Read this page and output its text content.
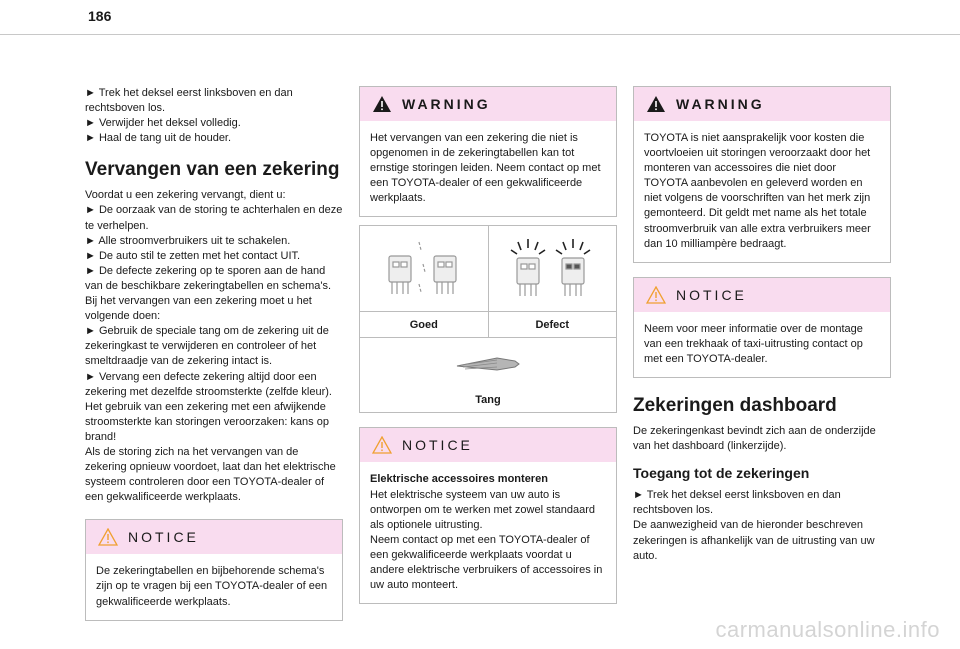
186
► Trek het deksel eerst linksboven en dan rechtsboven los.
► Verwijder het deksel volledig.
► Haal de tang uit de houder.
Vervangen van een zekering
Voordat u een zekering vervangt, dient u:
► De oorzaak van de storing te achterhalen en deze te verhelpen.
► Alle stroomverbruikers uit te schakelen.
► De auto stil te zetten met het contact UIT.
► De defecte zekering op te sporen aan de hand van de beschikbare zekeringtabellen en schema's.
Bij het vervangen van een zekering moet u het volgende doen:
► Gebruik de speciale tang om de zekering uit de zekeringkast te verwijderen en controleer of het smeltdraadje van de zekering intact is.
► Vervang een defecte zekering altijd door een zekering met dezelfde stroomsterkte (zelfde kleur).
Het gebruik van een zekering met een afwijkende stroomsterkte kan storingen veroorzaken: kans op brand!
Als de storing zich na het vervangen van de zekering opnieuw voordoet, laat dan het elektrische systeem controleren door een TOYOTA-dealer of een gekwalificeerde werkplaats.
NOTICE
De zekeringtabellen en bijbehorende schema's zijn op te vragen bij een TOYOTA-dealer of een gekwalificeerde werkplaats.
WARNING
Het vervangen van een zekering die niet is opgenomen in de zekeringtabellen kan tot ernstige storingen leiden. Neem contact op met een TOYOTA-dealer of een gekwalificeerde werkplaats.
Goed	Defect
Tang
NOTICE
Elektrische accessoires monteren
Het elektrische systeem van uw auto is ontworpen om te werken met zowel standaard als optionele uitrusting.
Neem contact op met een TOYOTA-dealer of een gekwalificeerde werkplaats voordat u andere elektrische verbruikers of accessoires in uw auto monteert.
WARNING
TOYOTA is niet aansprakelijk voor kosten die voortvloeien uit storingen veroorzaakt door het monteren van accessoires die niet door TOYOTA aanbevolen en geleverd worden en niet volgens de voorschriften van het merk zijn gemonteerd. Dit geldt met name als het totale stroomverbruik van alle extra verbruikers meer dan 10 milliampère bedraagt.
NOTICE
Neem voor meer informatie over de montage van een trekhaak of taxi-uitrusting contact op met een TOYOTA-dealer.
Zekeringen dashboard
De zekeringenkast bevindt zich aan de onderzijde van het dashboard (linkerzijde).
Toegang tot de zekeringen
► Trek het deksel eerst linksboven en dan rechtsboven los.
De aanwezigheid van de hieronder beschreven zekeringen is afhankelijk van de uitrusting van uw auto.
carmanualsonline.info
